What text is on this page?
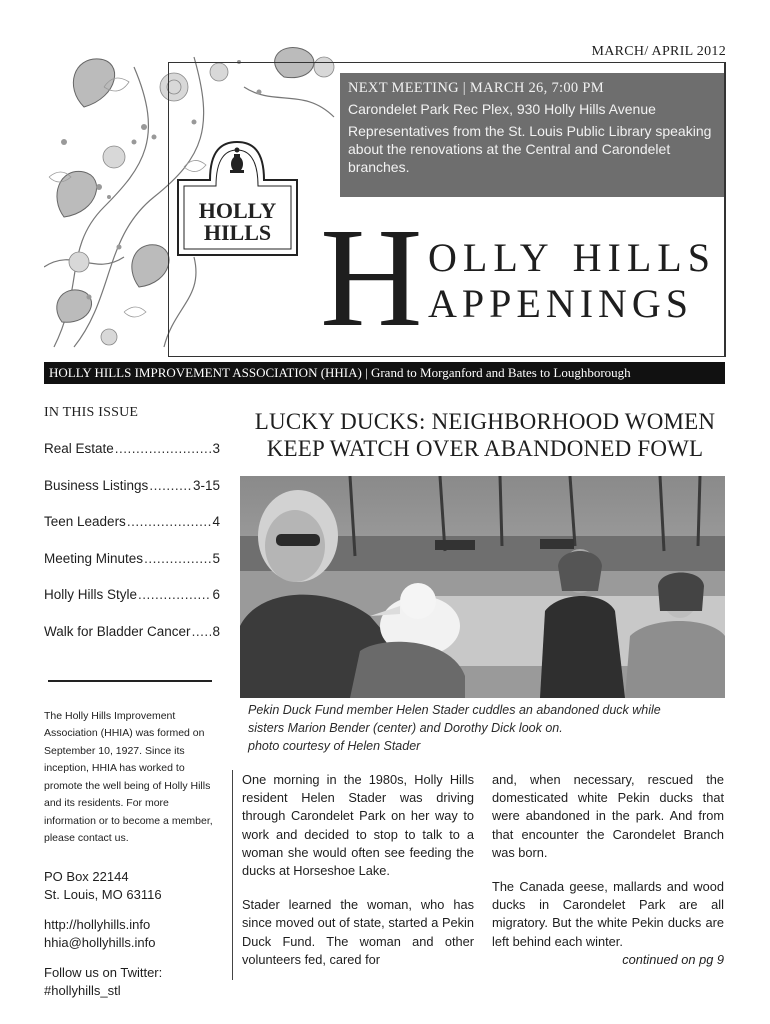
MARCH/ APRIL 2012
HOLLY
HILLS
NEXT MEETING | MARCH 26, 7:00 PM
Carondelet Park Rec Plex, 930 Holly Hills Avenue
Representatives from the St. Louis Public Library speaking about the renovations at the Central and Carondelet branches.
H OLLY HILLS
APPENINGS
HOLLY HILLS IMPROVEMENT ASSOCIATION (HHIA) | Grand to Morganford and Bates to Loughborough
IN THIS ISSUE
Real Estate .....	3
Business Listings .....	3-15
Teen Leaders .....	4
Meeting Minutes .....	5
Holly Hills Style .....	6
Walk for Bladder Cancer ..... 8
The Holly Hills Improvement Association (HHIA) was formed on September 10, 1927. Since its inception, HHIA has worked to promote the well being of Holly Hills and its residents. For more information or to become a member, please contact us.
PO Box 22144
St. Louis, MO 63116
http://hollyhills.info
hhia@hollyhills.info
Follow us on Twitter:
#hollyhills_stl
LUCKY DUCKS: NEIGHBORHOOD WOMEN
KEEP WATCH OVER ABANDONED FOWL
Pekin Duck Fund member Helen Stader cuddles an abandoned duck while
sisters Marion Bender (center) and Dorothy Dick look on.
photo courtesy of Helen Stader

One morning in the 1980s, Holly Hills resident Helen Stader was driving through Carondelet Park on her way to work and decided to stop to talk to a woman she would often see feeding the ducks at Horseshoe Lake.

Stader learned the woman, who has since moved out of state, started a Pekin Duck Fund. The woman and other volunteers fed, cared for

and, when necessary, rescued the domesticated white Pekin ducks that were abandoned in the park. And from that encounter the Carondelet Branch was born.

The Canada geese, mallards and wood ducks in Carondelet Park are all migratory. But the white Pekin ducks are left behind each winter.

continued on pg 9
